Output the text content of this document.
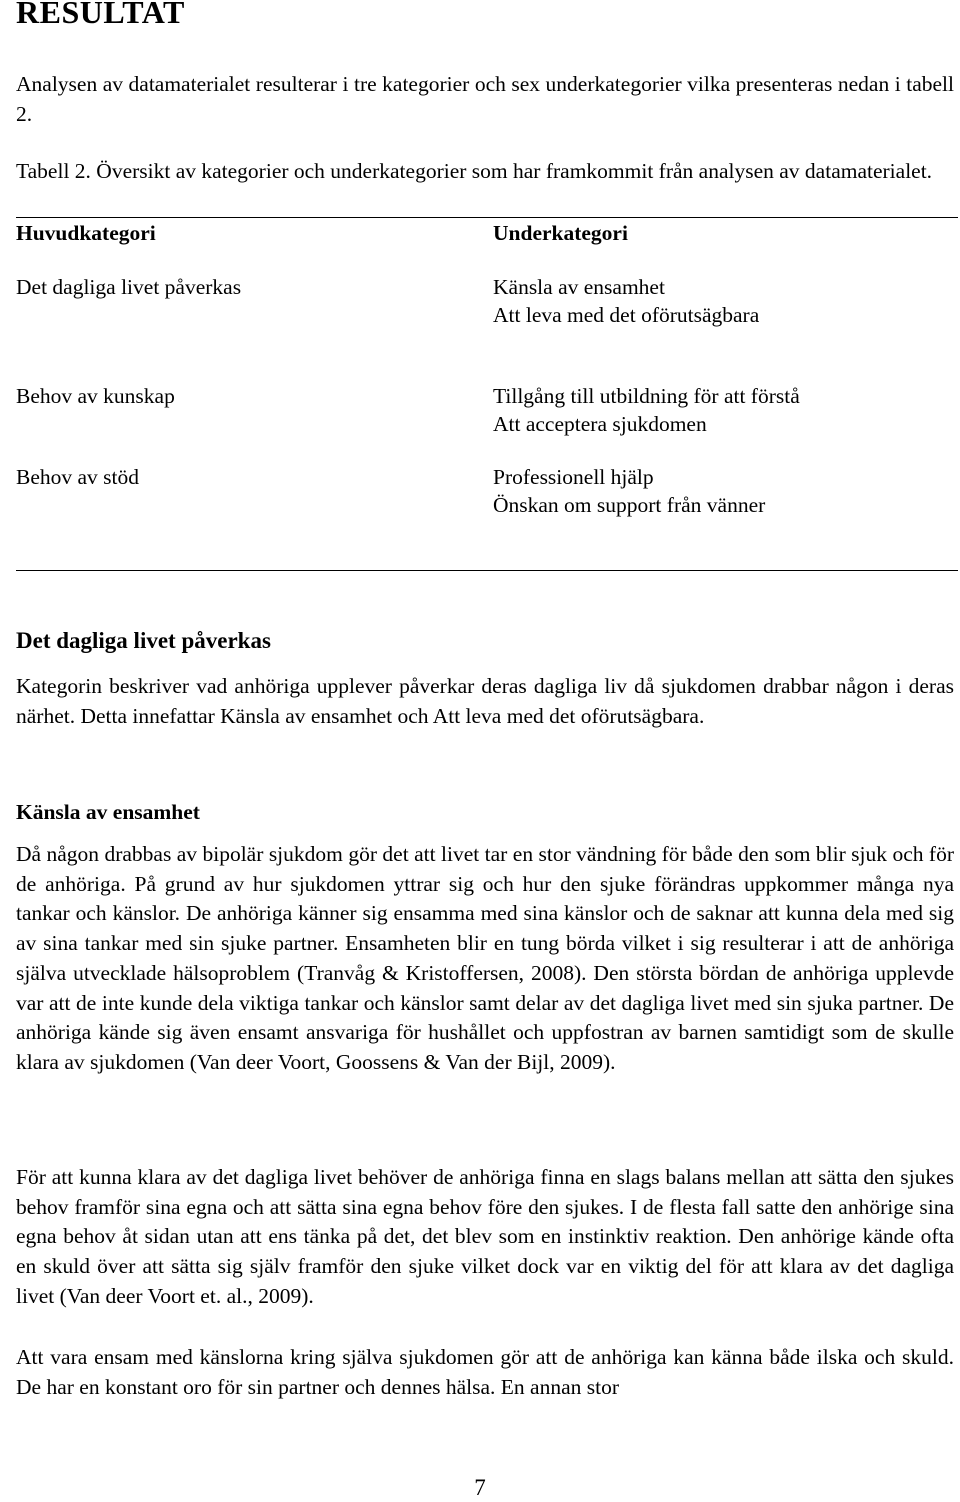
RESULTAT
Analysen av datamaterialet resulterar i tre kategorier och sex underkategorier vilka presenteras nedan i tabell 2.
Tabell 2. Översikt av kategorier och underkategorier som har framkommit från analysen av datamaterialet.
Huvudkategori	Underkategori
Det dagliga livet påverkas	Känsla av ensamhet
Att leva med det oförutsägbara
Behov av kunskap	Tillgång till utbildning för att förstå
Att acceptera sjukdomen
Behov av stöd	Professionell hjälp
Önskan om support från vänner
Det dagliga livet påverkas
Kategorin beskriver vad anhöriga upplever påverkar deras dagliga liv då sjukdomen drabbar någon i deras närhet. Detta innefattar Känsla av ensamhet och Att leva med det oförutsägbara.
Känsla av ensamhet
Då någon drabbas av bipolär sjukdom gör det att livet tar en stor vändning för både den som blir sjuk och för de anhöriga. På grund av hur sjukdomen yttrar sig och hur den sjuke förändras uppkommer många nya tankar och känslor. De anhöriga känner sig ensamma med sina känslor och de saknar att kunna dela med sig av sina tankar med sin sjuke partner. Ensamheten blir en tung börda vilket i sig resulterar i att de anhöriga själva utvecklade hälsoproblem (Tranvåg & Kristoffersen, 2008). Den största bördan de anhöriga upplevde var att de inte kunde dela viktiga tankar och känslor samt delar av det dagliga livet med sin sjuka partner. De anhöriga kände sig även ensamt ansvariga för hushållet och uppfostran av barnen samtidigt som de skulle klara av sjukdomen (Van deer Voort, Goossens & Van der Bijl, 2009).
För att kunna klara av det dagliga livet behöver de anhöriga finna en slags balans mellan att sätta den sjukes behov framför sina egna och att sätta sina egna behov före den sjukes. I de flesta fall satte den anhörige sina egna behov åt sidan utan att ens tänka på det, det blev som en instinktiv reaktion. Den anhörige kände ofta en skuld över att sätta sig själv framför den sjuke vilket dock var en viktig del för att klara av det dagliga livet (Van deer Voort et. al., 2009).
Att vara ensam med känslorna kring själva sjukdomen gör att de anhöriga kan känna både ilska och skuld. De har en konstant oro för sin partner och dennes hälsa. En annan stor
7
